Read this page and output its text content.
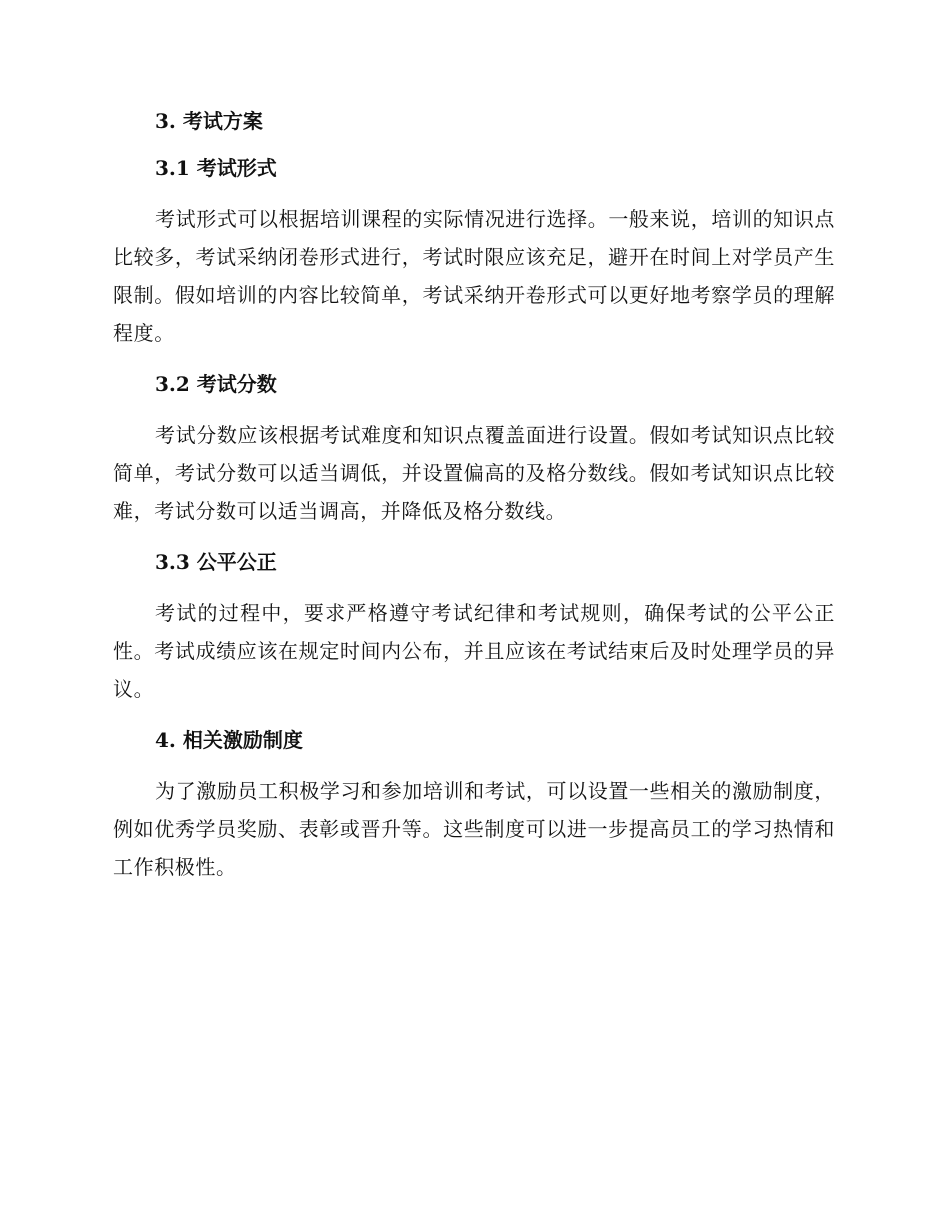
3. 考试方案
3.1 考试形式
考试形式可以根据培训课程的实际情况进行选择。一般来说，培训的知识点比较多，考试采纳闭卷形式进行，考试时限应该充足，避开在时间上对学员产生限制。假如培训的内容比较简单，考试采纳开卷形式可以更好地考察学员的理解程度。
3.2 考试分数
考试分数应该根据考试难度和知识点覆盖面进行设置。假如考试知识点比较简单，考试分数可以适当调低，并设置偏高的及格分数线。假如考试知识点比较难，考试分数可以适当调高，并降低及格分数线。
3.3 公平公正
考试的过程中，要求严格遵守考试纪律和考试规则，确保考试的公平公正性。考试成绩应该在规定时间内公布，并且应该在考试结束后及时处理学员的异议。
4. 相关激励制度
为了激励员工积极学习和参加培训和考试，可以设置一些相关的激励制度，例如优秀学员奖励、表彰或晋升等。这些制度可以进一步提高员工的学习热情和工作积极性。
